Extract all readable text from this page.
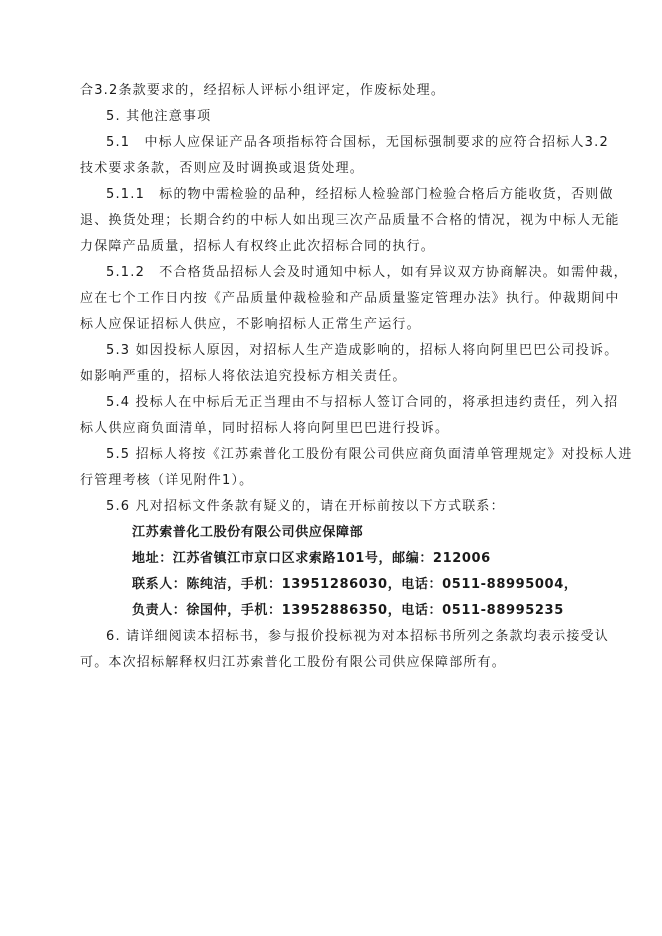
合3.2条款要求的，经招标人评标小组评定，作废标处理。
5. 其他注意事项
5.1　中标人应保证产品各项指标符合国标，无国标强制要求的应符合招标人3.2
技术要求条款，否则应及时调换或退货处理。
5.1.1　标的物中需检验的品种，经招标人检验部门检验合格后方能收货，否则做
退、换货处理；长期合约的中标人如出现三次产品质量不合格的情况，视为中标人无能
力保障产品质量，招标人有权终止此次招标合同的执行。
5.1.2　不合格货品招标人会及时通知中标人，如有异议双方协商解决。如需仲裁，
应在七个工作日内按《产品质量仲裁检验和产品质量鉴定管理办法》执行。仲裁期间中
标人应保证招标人供应，不影响招标人正常生产运行。
5.3 如因投标人原因，对招标人生产造成影响的，招标人将向阿里巴巴公司投诉。
如影响严重的，招标人将依法追究投标方相关责任。
5.4 投标人在中标后无正当理由不与招标人签订合同的，将承担违约责任，列入招
标人供应商负面清单，同时招标人将向阿里巴巴进行投诉。
5.5 招标人将按《江苏索普化工股份有限公司供应商负面清单管理规定》对投标人进
行管理考核（详见附件1）。
5.6 凡对招标文件条款有疑义的，请在开标前按以下方式联系：
江苏索普化工股份有限公司供应保障部
地址：江苏省镇江市京口区求索路101号，邮编：212006
联系人：陈纯洁，手机：13951286030，电话：0511-88995004，
负责人：徐国仲，手机：13952886350，电话：0511-88995235
6. 请详细阅读本招标书，参与报价投标视为对本招标书所列之条款均表示接受认
可。本次招标解释权归江苏索普化工股份有限公司供应保障部所有。
